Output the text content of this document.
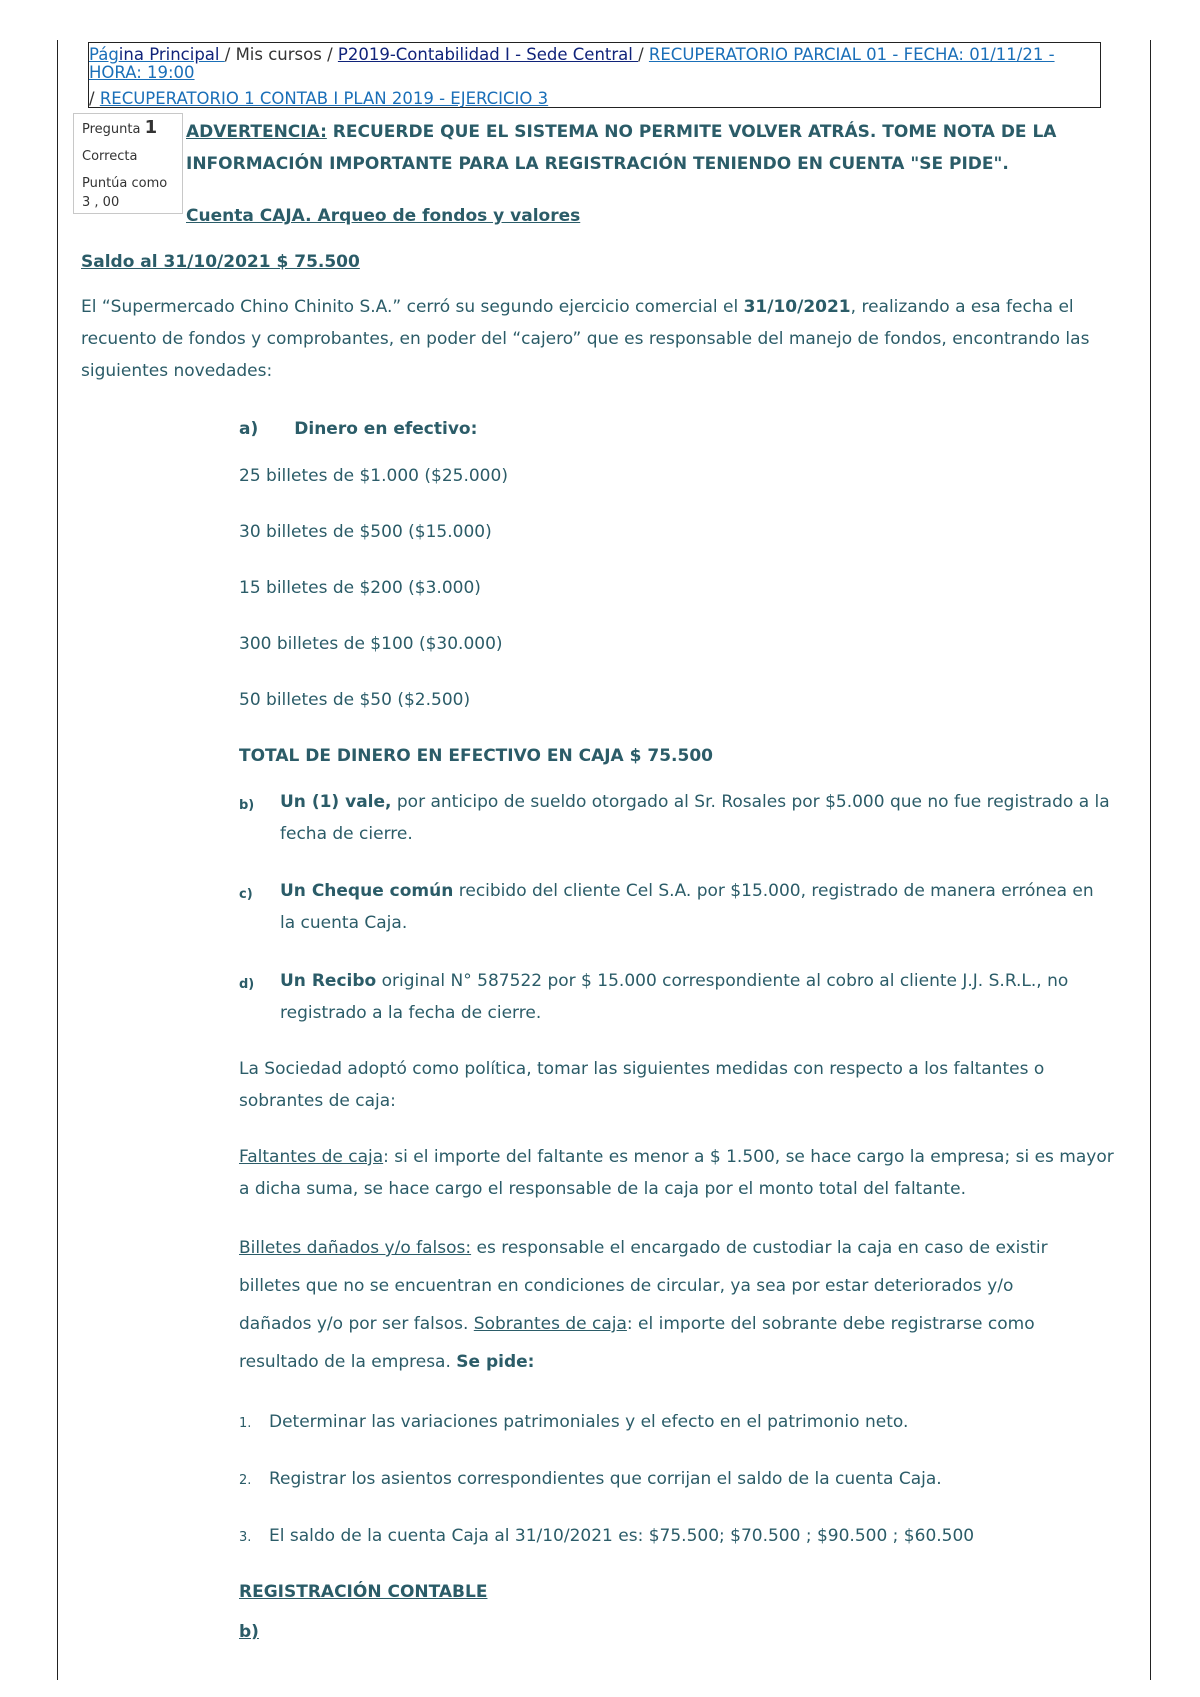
Página Principal / Mis cursos / P2019-Contabilidad I - Sede Central / RECUPERATORIO PARCIAL 01 - FECHA: 01/11/21 -
HORA: 19:00
/ RECUPERATORIO 1 CONTAB I PLAN 2019 - EJERCICIO 3
Pregunta 1
Correcta
Puntúa como
3 , 00
ADVERTENCIA: RECUERDE QUE EL SISTEMA NO PERMITE VOLVER ATRÁS. TOME NOTA DE LA INFORMACIÓN IMPORTANTE PARA LA REGISTRACIÓN TENIENDO EN CUENTA "SE PIDE".
Cuenta CAJA. Arqueo de fondos y valores
Saldo al 31/10/2021 $ 75.500
El “Supermercado Chino Chinito S.A.” cerró su segundo ejercicio comercial el 31/10/2021, realizando a esa fecha el recuento de fondos y comprobantes, en poder del “cajero” que es responsable del manejo de fondos, encontrando las siguientes novedades:
a) Dinero en efectivo:
25 billetes de $1.000 ($25.000)
30 billetes de $500 ($15.000)
15 billetes de $200 ($3.000)
300 billetes de $100 ($30.000)
50 billetes de $50 ($2.500)
TOTAL DE DINERO EN EFECTIVO EN CAJA $ 75.500
b) Un (1) vale, por anticipo de sueldo otorgado al Sr. Rosales por $5.000 que no fue registrado a la fecha de cierre.
c) Un Cheque común recibido del cliente Cel S.A. por $15.000, registrado de manera errónea en la cuenta Caja.
d) Un Recibo original N° 587522 por $ 15.000 correspondiente al cobro al cliente J.J. S.R.L., no registrado a la fecha de cierre.
La Sociedad adoptó como política, tomar las siguientes medidas con respecto a los faltantes o sobrantes de caja:
Faltantes de caja: si el importe del faltante es menor a $ 1.500, se hace cargo la empresa; si es mayor a dicha suma, se hace cargo el responsable de la caja por el monto total del faltante.
Billetes dañados y/o falsos: es responsable el encargado de custodiar la caja en caso de existir billetes que no se encuentran en condiciones de circular, ya sea por estar deteriorados y/o dañados y/o por ser falsos. Sobrantes de caja: el importe del sobrante debe registrarse como resultado de la empresa. Se pide:
1. Determinar las variaciones patrimoniales y el efecto en el patrimonio neto.
2. Registrar los asientos correspondientes que corrijan el saldo de la cuenta Caja.
3. El saldo de la cuenta Caja al 31/10/2021 es: $75.500; $70.500 ; $90.500 ; $60.500
REGISTRACIÓN CONTABLE
b)
